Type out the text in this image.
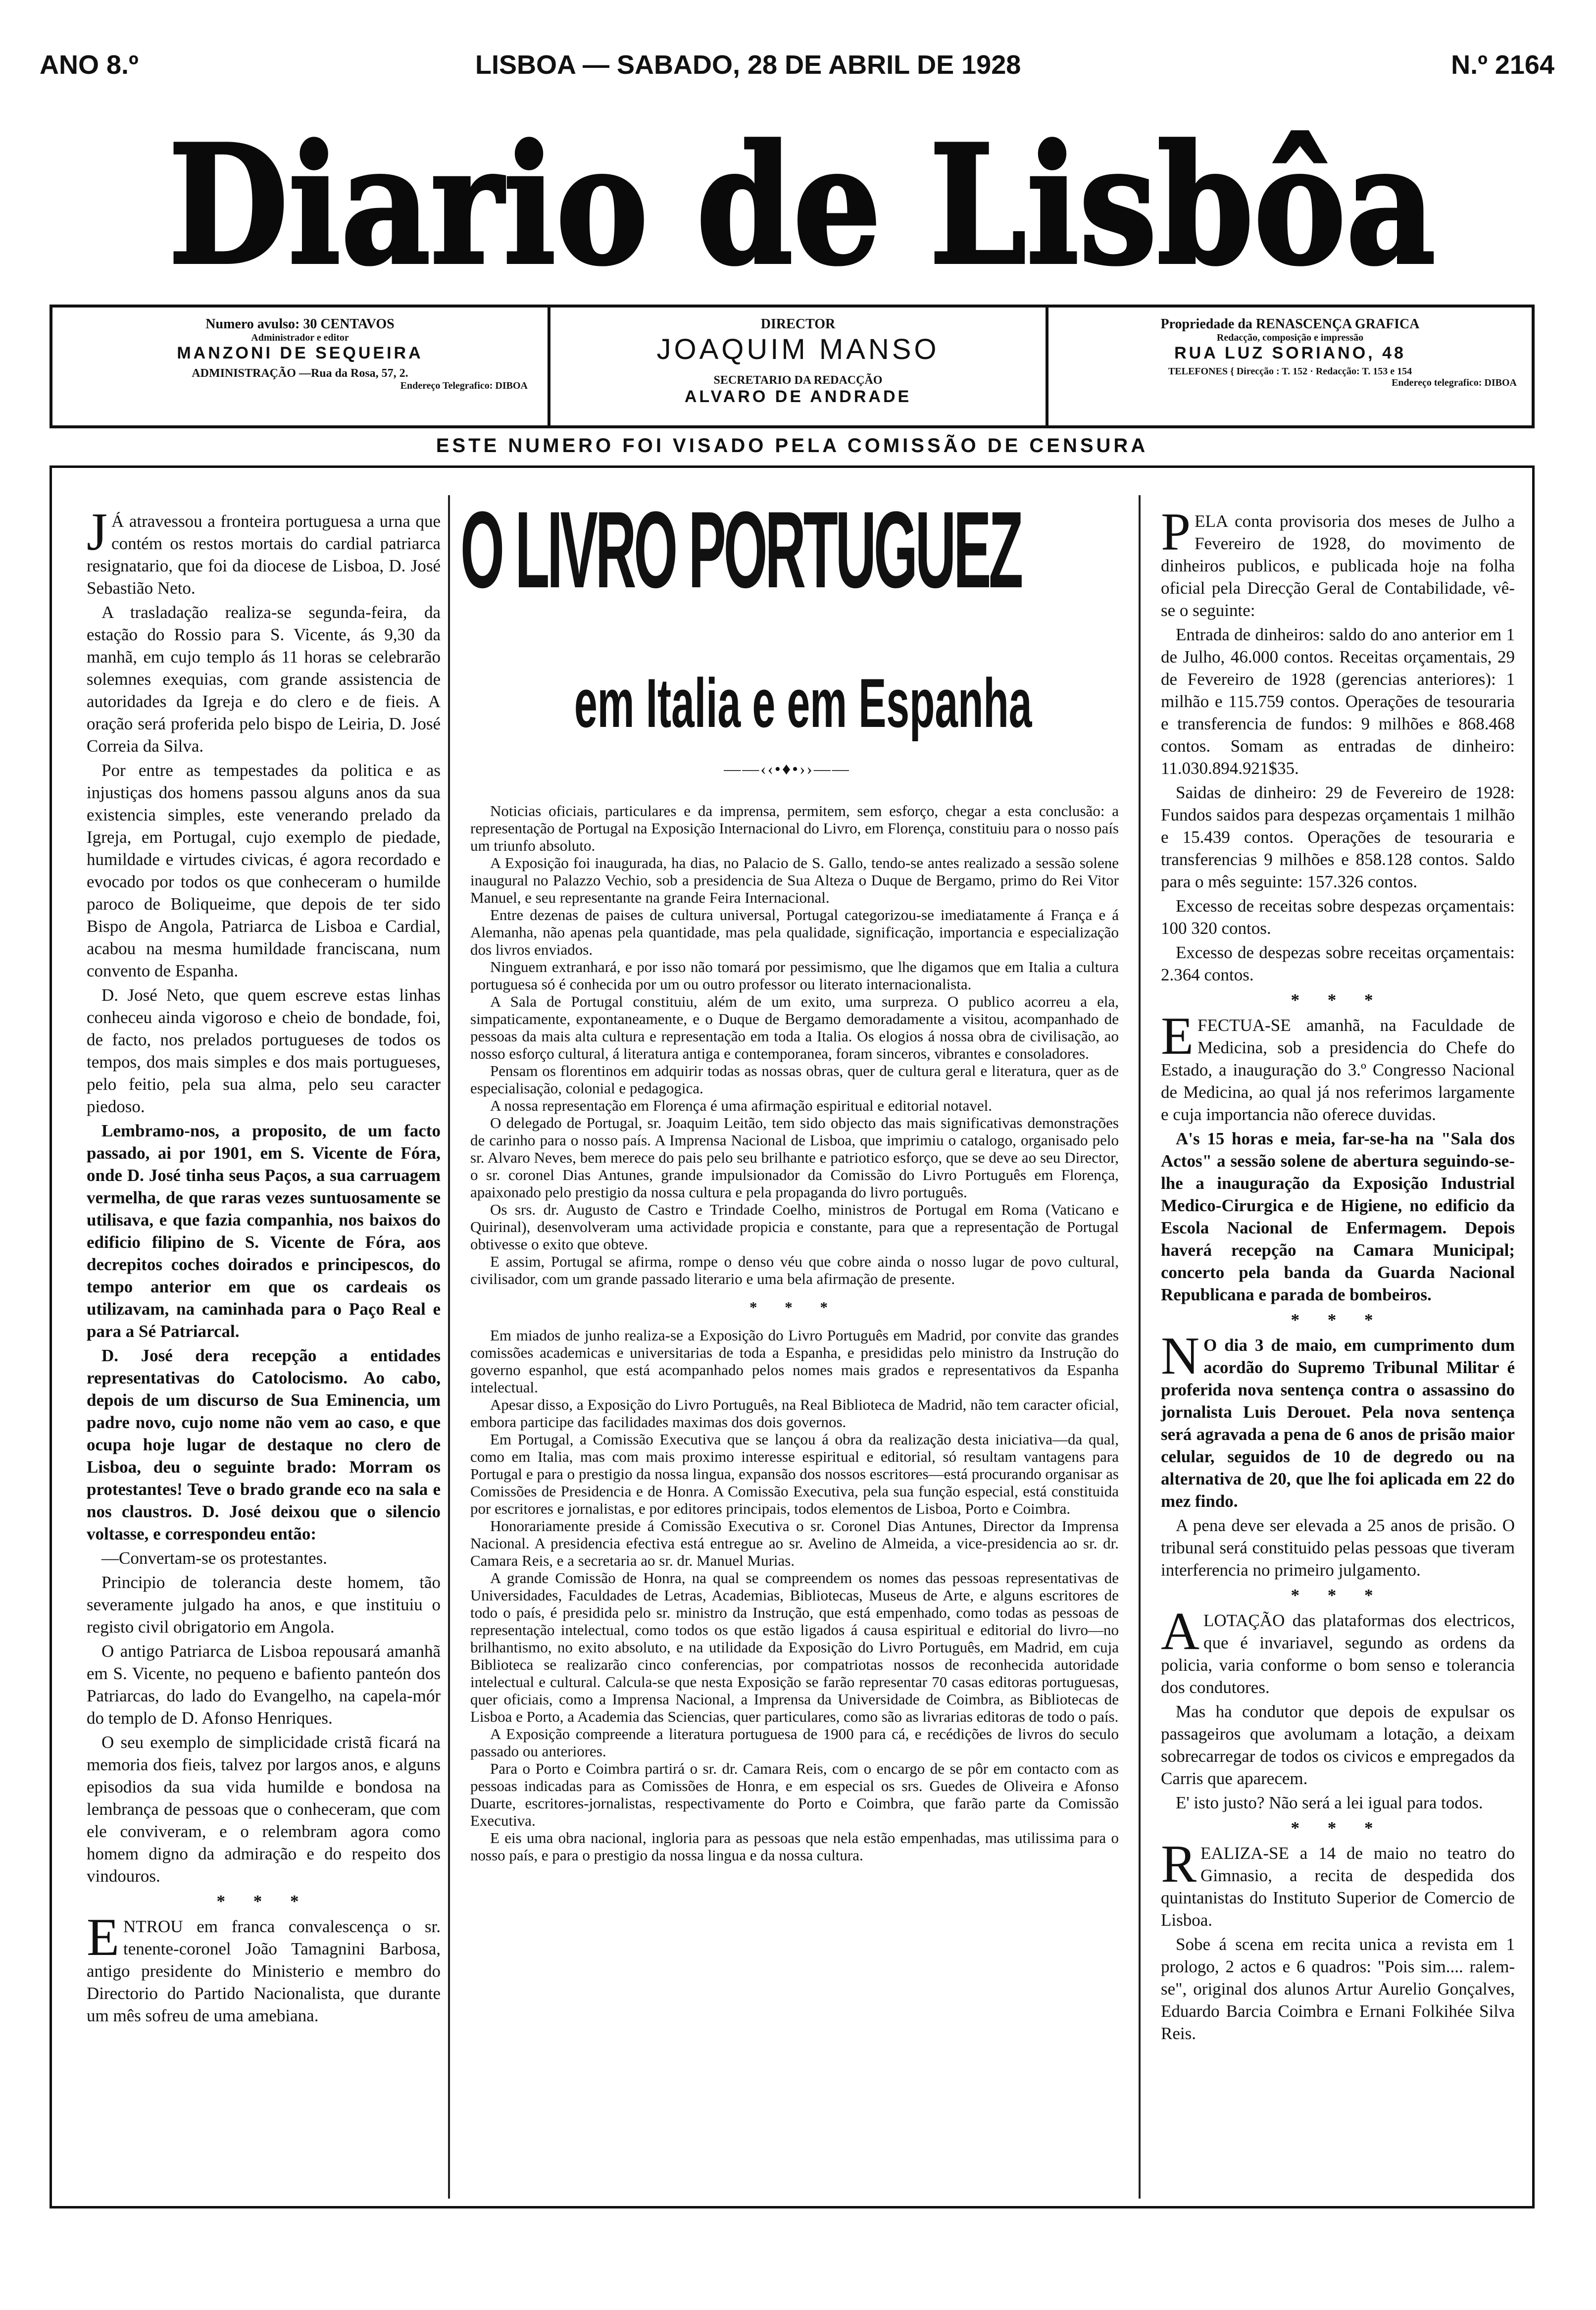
ANO 8.º	LISBOA — SABADO, 28 DE ABRIL DE 1928	N.º 2164
Diario de Lisbôa

Numero avulso: 30 CENTAVOS

Administrador e editor

MANZONI DE SEQUEIRA

ADMINISTRAÇÃO —Rua da Rosa, 57, 2.

Endereço Telegrafico: DIBOA

DIRECTOR

JOAQUIM MANSO

SECRETARIO DA REDACÇÃO

ALVARO DE ANDRADE

Propriedade da RENASCENÇA GRAFICA

Redacção, composição e impressão

RUA LUZ SORIANO, 48

TELEFONES { Direcção : T. 152 · Redacção: T. 153 e 154

Endereço telegrafico: DIBOA

ESTE NUMERO FOI VISADO PELA COMISSÃO DE CENSURA

J Á atravessou a fronteira portuguesa a urna que contém os restos mortais do cardial patriarca resignatario, que foi da diocese de Lisboa, D. José Sebastião Neto.

A trasladação realiza-se segunda-feira, da estação do Rossio para S. Vicente, ás 9,30 da manhã, em cujo templo ás 11 horas se celebrarão solemnes exequias, com grande assistencia de autoridades da Igreja e do clero e de fieis. A oração será proferida pelo bispo de Leiria, D. José Correia da Silva.

Por entre as tempestades da politica e as injustiças dos homens passou alguns anos da sua existencia simples, este venerando prelado da Igreja, em Portugal, cujo exemplo de piedade, humildade e virtudes civicas, é agora recordado e evocado por todos os que conheceram o humilde paroco de Boliqueime, que depois de ter sido Bispo de Angola, Patriarca de Lisboa e Cardial, acabou na mesma humildade franciscana, num convento de Espanha.

D. José Neto, que quem escreve estas linhas conheceu ainda vigoroso e cheio de bondade, foi, de facto, nos prelados portugueses de todos os tempos, dos mais simples e dos mais portugueses, pelo feitio, pela sua alma, pelo seu caracter piedoso.

Lembramo-nos, a proposito, de um facto passado, ai por 1901, em S. Vicente de Fóra, onde D. José tinha seus Paços, a sua carruagem vermelha, de que raras vezes suntuosamente se utilisava, e que fazia companhia, nos baixos do edificio filipino de S. Vicente de Fóra, aos decrepitos coches doirados e principescos, do tempo anterior em que os cardeais os utilizavam, na caminhada para o Paço Real e para a Sé Patriarcal.

D. José dera recepção a entidades representativas do Catolocismo. Ao cabo, depois de um discurso de Sua Eminencia, um padre novo, cujo nome não vem ao caso, e que ocupa hoje lugar de destaque no clero de Lisboa, deu o seguinte brado: Morram os protestantes! Teve o brado grande eco na sala e nos claustros. D. José deixou que o silencio voltasse, e correspondeu então:

—Convertam-se os protestantes.

Principio de tolerancia deste homem, tão severamente julgado ha anos, e que instituiu o registo civil obrigatorio em Angola.

O antigo Patriarca de Lisboa repousará amanhã em S. Vicente, no pequeno e bafiento panteón dos Patriarcas, do lado do Evangelho, na capela-mór do templo de D. Afonso Henriques.

O seu exemplo de simplicidade cristã ficará na memoria dos fieis, talvez por largos anos, e alguns episodios da sua vida humilde e bondosa na lembrança de pessoas que o conheceram, que com ele conviveram, e o relembram agora como homem digno da admiração e do respeito dos vindouros.

* * *

ENTROU em franca convalescença o sr. tenente-coronel João Tamagnini Barbosa, antigo presidente do Ministerio e membro do Directorio do Partido Nacionalista, que durante um mês sofreu de uma amebiana.

O LIVRO PORTUGUEZ
em Italia e em Espanha
——‹‹•♦•››——

Noticias oficiais, particulares e da imprensa, permitem, sem esforço, chegar a esta conclusão: a representação de Portugal na Exposição Internacional do Livro, em Florença, constituiu para o nosso país um triunfo absoluto.

A Exposição foi inaugurada, ha dias, no Palacio de S. Gallo, tendo-se antes realizado a sessão solene inaugural no Palazzo Vechio, sob a presidencia de Sua Alteza o Duque de Bergamo, primo do Rei Vitor Manuel, e seu representante na grande Feira Internacional.

Entre dezenas de paises de cultura universal, Portugal categorizou-se imediatamente á França e á Alemanha, não apenas pela quantidade, mas pela qualidade, significação, importancia e especialização dos livros enviados.

Ninguem extranhará, e por isso não tomará por pessimismo, que lhe digamos que em Italia a cultura portuguesa só é conhecida por um ou outro professor ou literato internacionalista.

A Sala de Portugal constituiu, além de um exito, uma surpreza. O publico acorreu a ela, simpaticamente, expontaneamente, e o Duque de Bergamo demoradamente a visitou, acompanhado de pessoas da mais alta cultura e representação em toda a Italia. Os elogios á nossa obra de civilisação, ao nosso esforço cultural, á literatura antiga e contemporanea, foram sinceros, vibrantes e consoladores.

Pensam os florentinos em adquirir todas as nossas obras, quer de cultura geral e literatura, quer as de especialisação, colonial e pedagogica.

A nossa representação em Florença é uma afirmação espiritual e editorial notavel.

O delegado de Portugal, sr. Joaquim Leitão, tem sido objecto das mais significativas demonstrações de carinho para o nosso país. A Imprensa Nacional de Lisboa, que imprimiu o catalogo, organisado pelo sr. Alvaro Neves, bem merece do pais pelo seu brilhante e patriotico esforço, que se deve ao seu Director, o sr. coronel Dias Antunes, grande impulsionador da Comissão do Livro Português em Florença, apaixonado pelo prestigio da nossa cultura e pela propaganda do livro português.

Os srs. dr. Augusto de Castro e Trindade Coelho, ministros de Portugal em Roma (Vaticano e Quirinal), desenvolveram uma actividade propicia e constante, para que a representação de Portugal obtivesse o exito que obteve.

E assim, Portugal se afirma, rompe o denso véu que cobre ainda o nosso lugar de povo cultural, civilisador, com um grande passado literario e uma bela afirmação de presente.

* * *

Em miados de junho realiza-se a Exposição do Livro Português em Madrid, por convite das grandes comissões academicas e universitarias de toda a Espanha, e presididas pelo ministro da Instrução do governo espanhol, que está acompanhado pelos nomes mais grados e representativos da Espanha intelectual.

Apesar disso, a Exposição do Livro Português, na Real Biblioteca de Madrid, não tem caracter oficial, embora participe das facilidades maximas dos dois governos.

Em Portugal, a Comissão Executiva que se lançou á obra da realização desta iniciativa—da qual, como em Italia, mas com mais proximo interesse espiritual e editorial, só resultam vantagens para Portugal e para o prestigio da nossa lingua, expansão dos nossos escritores—está procurando organisar as Comissões de Presidencia e de Honra. A Comissão Executiva, pela sua função especial, está constituida por escritores e jornalistas, e por editores principais, todos elementos de Lisboa, Porto e Coimbra.

Honorariamente preside á Comissão Executiva o sr. Coronel Dias Antunes, Director da Imprensa Nacional. A presidencia efectiva está entregue ao sr. Avelino de Almeida, a vice-presidencia ao sr. dr. Camara Reis, e a secretaria ao sr. dr. Manuel Murias.

A grande Comissão de Honra, na qual se compreendem os nomes das pessoas representativas de Universidades, Faculdades de Letras, Academias, Bibliotecas, Museus de Arte, e alguns escritores de todo o país, é presidida pelo sr. ministro da Instrução, que está empenhado, como todas as pessoas de representação intelectual, como todos os que estão ligados á causa espiritual e editorial do livro—no brilhantismo, no exito absoluto, e na utilidade da Exposição do Livro Português, em Madrid, em cuja Biblioteca se realizarão cinco conferencias, por compatriotas nossos de reconhecida autoridade intelectual e cultural. Calcula-se que nesta Exposição se farão representar 70 casas editoras portuguesas, quer oficiais, como a Imprensa Nacional, a Imprensa da Universidade de Coimbra, as Bibliotecas de Lisboa e Porto, a Academia das Sciencias, quer particulares, como são as livrarias editoras de todo o país.

A Exposição compreende a literatura portuguesa de 1900 para cá, e recédições de livros do seculo passado ou anteriores.

Para o Porto e Coimbra partirá o sr. dr. Camara Reis, com o encargo de se pôr em contacto com as pessoas indicadas para as Comissões de Honra, e em especial os srs. Guedes de Oliveira e Afonso Duarte, escritores-jornalistas, respectivamente do Porto e Coimbra, que farão parte da Comissão Executiva.

E eis uma obra nacional, ingloria para as pessoas que nela estão empenhadas, mas utilissima para o nosso país, e para o prestigio da nossa lingua e da nossa cultura.

PELA conta provisoria dos meses de Julho a Fevereiro de 1928, do movimento de dinheiros publicos, e publicada hoje na folha oficial pela Direcção Geral de Contabilidade, vê-se o seguinte:

Entrada de dinheiros: saldo do ano anterior em 1 de Julho, 46.000 contos. Receitas orçamentais, 29 de Fevereiro de 1928 (gerencias anteriores): 1 milhão e 115.759 contos. Operações de tesouraria e transferencia de fundos: 9 milhões e 868.468 contos. Somam as entradas de dinheiro: 11.030.894.921$35.

Saidas de dinheiro: 29 de Fevereiro de 1928: Fundos saidos para despezas orçamentais 1 milhão e 15.439 contos. Operações de tesouraria e transferencias 9 milhões e 858.128 contos. Saldo para o mês seguinte: 157.326 contos.

Excesso de receitas sobre despezas orçamentais: 100 320 contos.

Excesso de despezas sobre receitas orçamentais: 2.364 contos.

* * *

EFECTUA-SE amanhã, na Faculdade de Medicina, sob a presidencia do Chefe do Estado, a inauguração do 3.º Congresso Nacional de Medicina, ao qual já nos referimos largamente e cuja importancia não oferece duvidas.

A's 15 horas e meia, far-se-ha na "Sala dos Actos" a sessão solene de abertura seguindo-se-lhe a inauguração da Exposição Industrial Medico-Cirurgica e de Higiene, no edificio da Escola Nacional de Enfermagem. Depois haverá recepção na Camara Municipal; concerto pela banda da Guarda Nacional Republicana e parada de bombeiros.

* * *

N O dia 3 de maio, em cumprimento dum acordão do Supremo Tribunal Militar é proferida nova sentença contra o assassino do jornalista Luis Derouet. Pela nova sentença será agravada a pena de 6 anos de prisão maior celular, seguidos de 10 de degredo ou na alternativa de 20, que lhe foi aplicada em 22 do mez findo.

A pena deve ser elevada a 25 anos de prisão. O tribunal será constituido pelas pessoas que tiveram interferencia no primeiro julgamento.

* * *

ALOTAÇÃO das plataformas dos electricos, que é invariavel, segundo as ordens da policia, varia conforme o bom senso e tolerancia dos condutores.

Mas ha condutor que depois de expulsar os passageiros que avolumam a lotação, a deixam sobrecarregar de todos os civicos e empregados da Carris que aparecem.

E' isto justo? Não será a lei igual para todos.

* * *

REALIZA-SE a 14 de maio no teatro do Gimnasio, a recita de despedida dos quintanistas do Instituto Superior de Comercio de Lisboa.

Sobe á scena em recita unica a revista em 1 prologo, 2 actos e 6 quadros: "Pois sim.... ralem-se", original dos alunos Artur Aurelio Gonçalves, Eduardo Barcia Coimbra e Ernani Folkihée Silva Reis.
